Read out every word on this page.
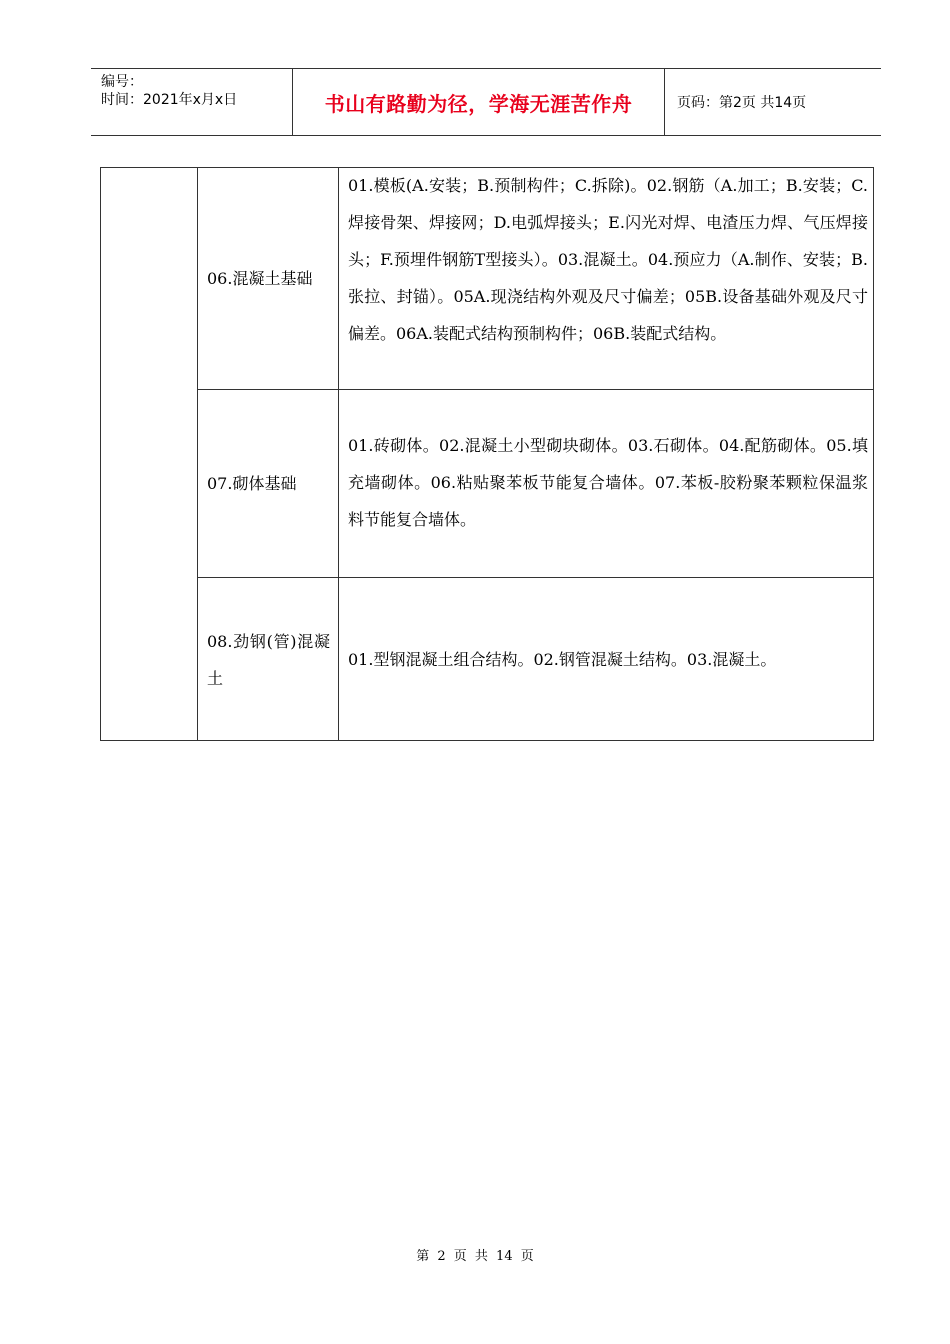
编号：
时间：2021年x月x日	书山有路勤为径，学海无涯苦作舟	页码：第2页 共14页
06.混凝土基础
01.模板(A.安装；B.预制构件；C.拆除)。02.钢筋（A.加工；B.安装；C.焊接骨架、焊接网；D.电弧焊接头；E.闪光对焊、电渣压力焊、气压焊接头；F.预埋件钢筋T型接头）。03.混凝土。04.预应力（A.制作、安装；B.张拉、封锚）。05A.现浇结构外观及尺寸偏差；05B.设备基础外观及尺寸偏差。06A.装配式结构预制构件；06B.装配式结构。
07.砌体基础
01.砖砌体。02.混凝土小型砌块砌体。03.石砌体。04.配筋砌体。05.填充墙砌体。06.粘贴聚苯板节能复合墙体。07.苯板-胶粉聚苯颗粒保温浆料节能复合墙体。
08.劲钢(管)混凝土
01.型钢混凝土组合结构。02.钢管混凝土结构。03.混凝土。
第 2 页 共 14 页
